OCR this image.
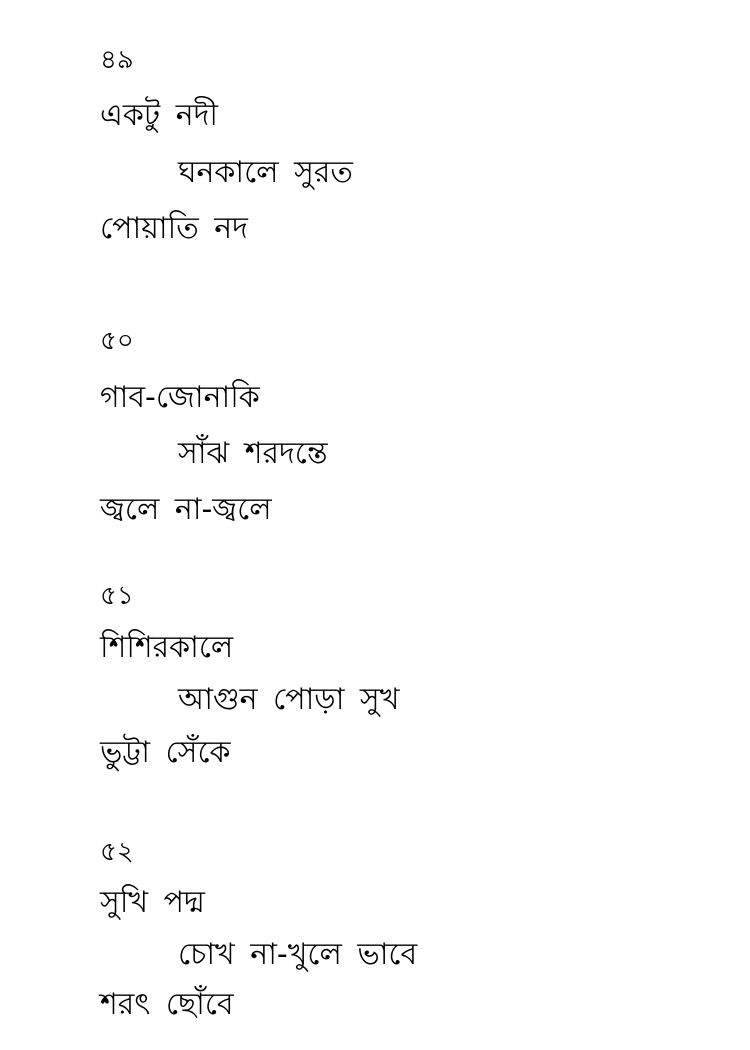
৪৯
একটু নদী
ঘনকালে সুরত
পোয়াতি নদ
৫০
গাব-জোনাকি
সাঁঝ শরদন্তে
জ্বলে না-জ্বলে
৫১
শিশিরকালে
আগুন পোড়া সুখ
ভুট্টা সেঁকে
৫২
সুখি পদ্ম
চোখ না-খুলে ভাবে
শরৎ ছোঁবে
